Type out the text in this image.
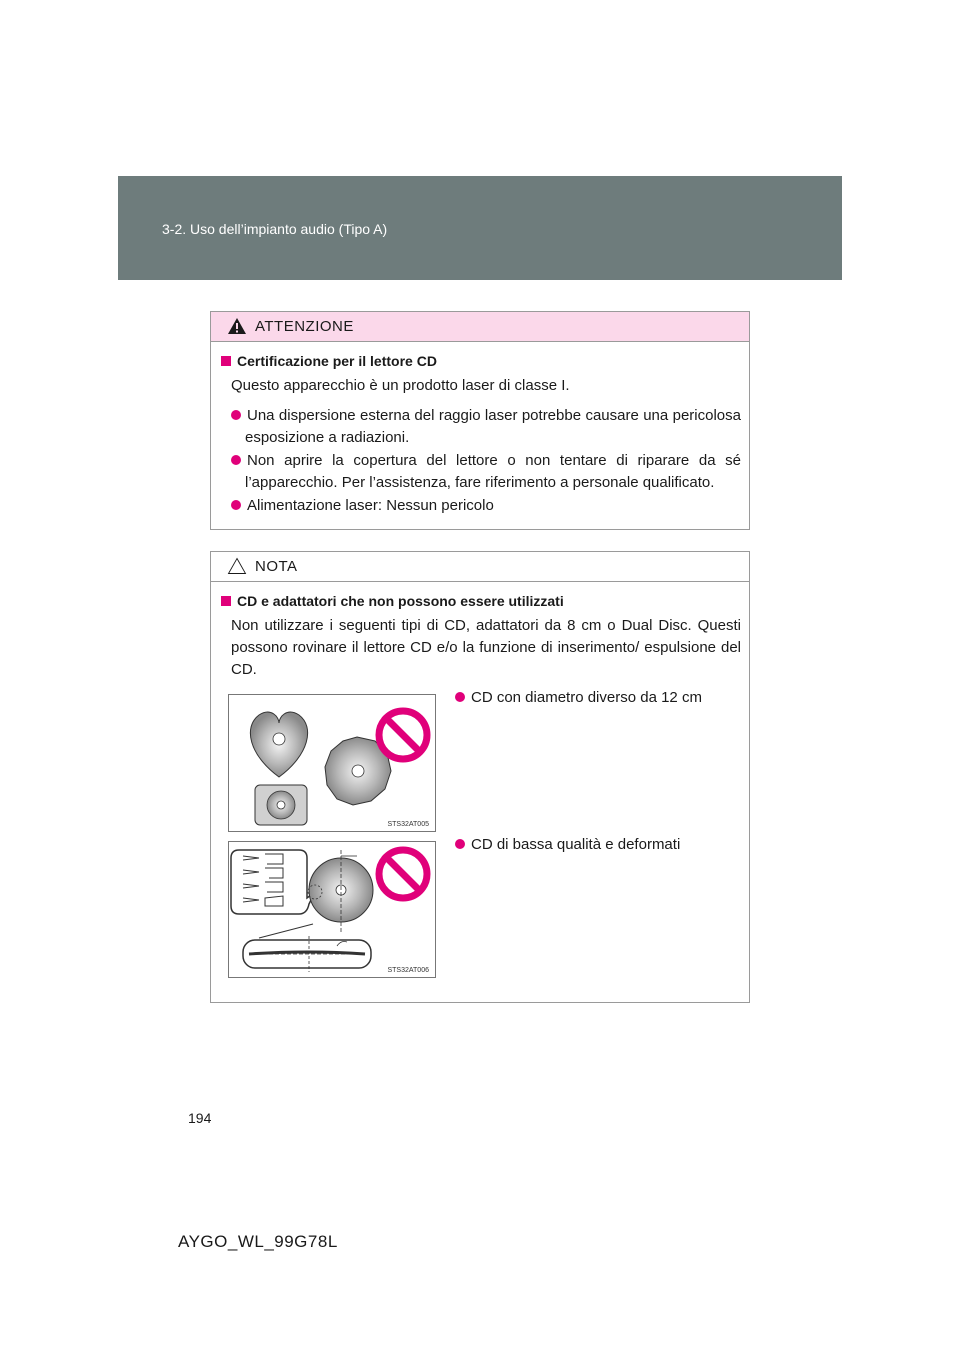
3-2. Uso dell’impianto audio (Tipo A)
ATTENZIONE
Certificazione per il lettore CD
Questo apparecchio è un prodotto laser di classe I.
Una dispersione esterna del raggio laser potrebbe causare una pericolosa esposizione a radiazioni.
Non aprire la copertura del lettore o non tentare di riparare da sé l’apparecchio. Per l’assistenza, fare riferimento a personale qualificato.
Alimentazione laser: Nessun pericolo
NOTA
CD e adattatori che non possono essere utilizzati
Non utilizzare i seguenti tipi di CD, adattatori da 8 cm o Dual Disc. Questi possono rovinare il lettore CD e/o la funzione di inserimento/ espulsione del CD.
CD con diametro diverso da 12 cm
CD di bassa qualità e deformati
STS32AT005
STS32AT006
194
AYGO_WL_99G78L
